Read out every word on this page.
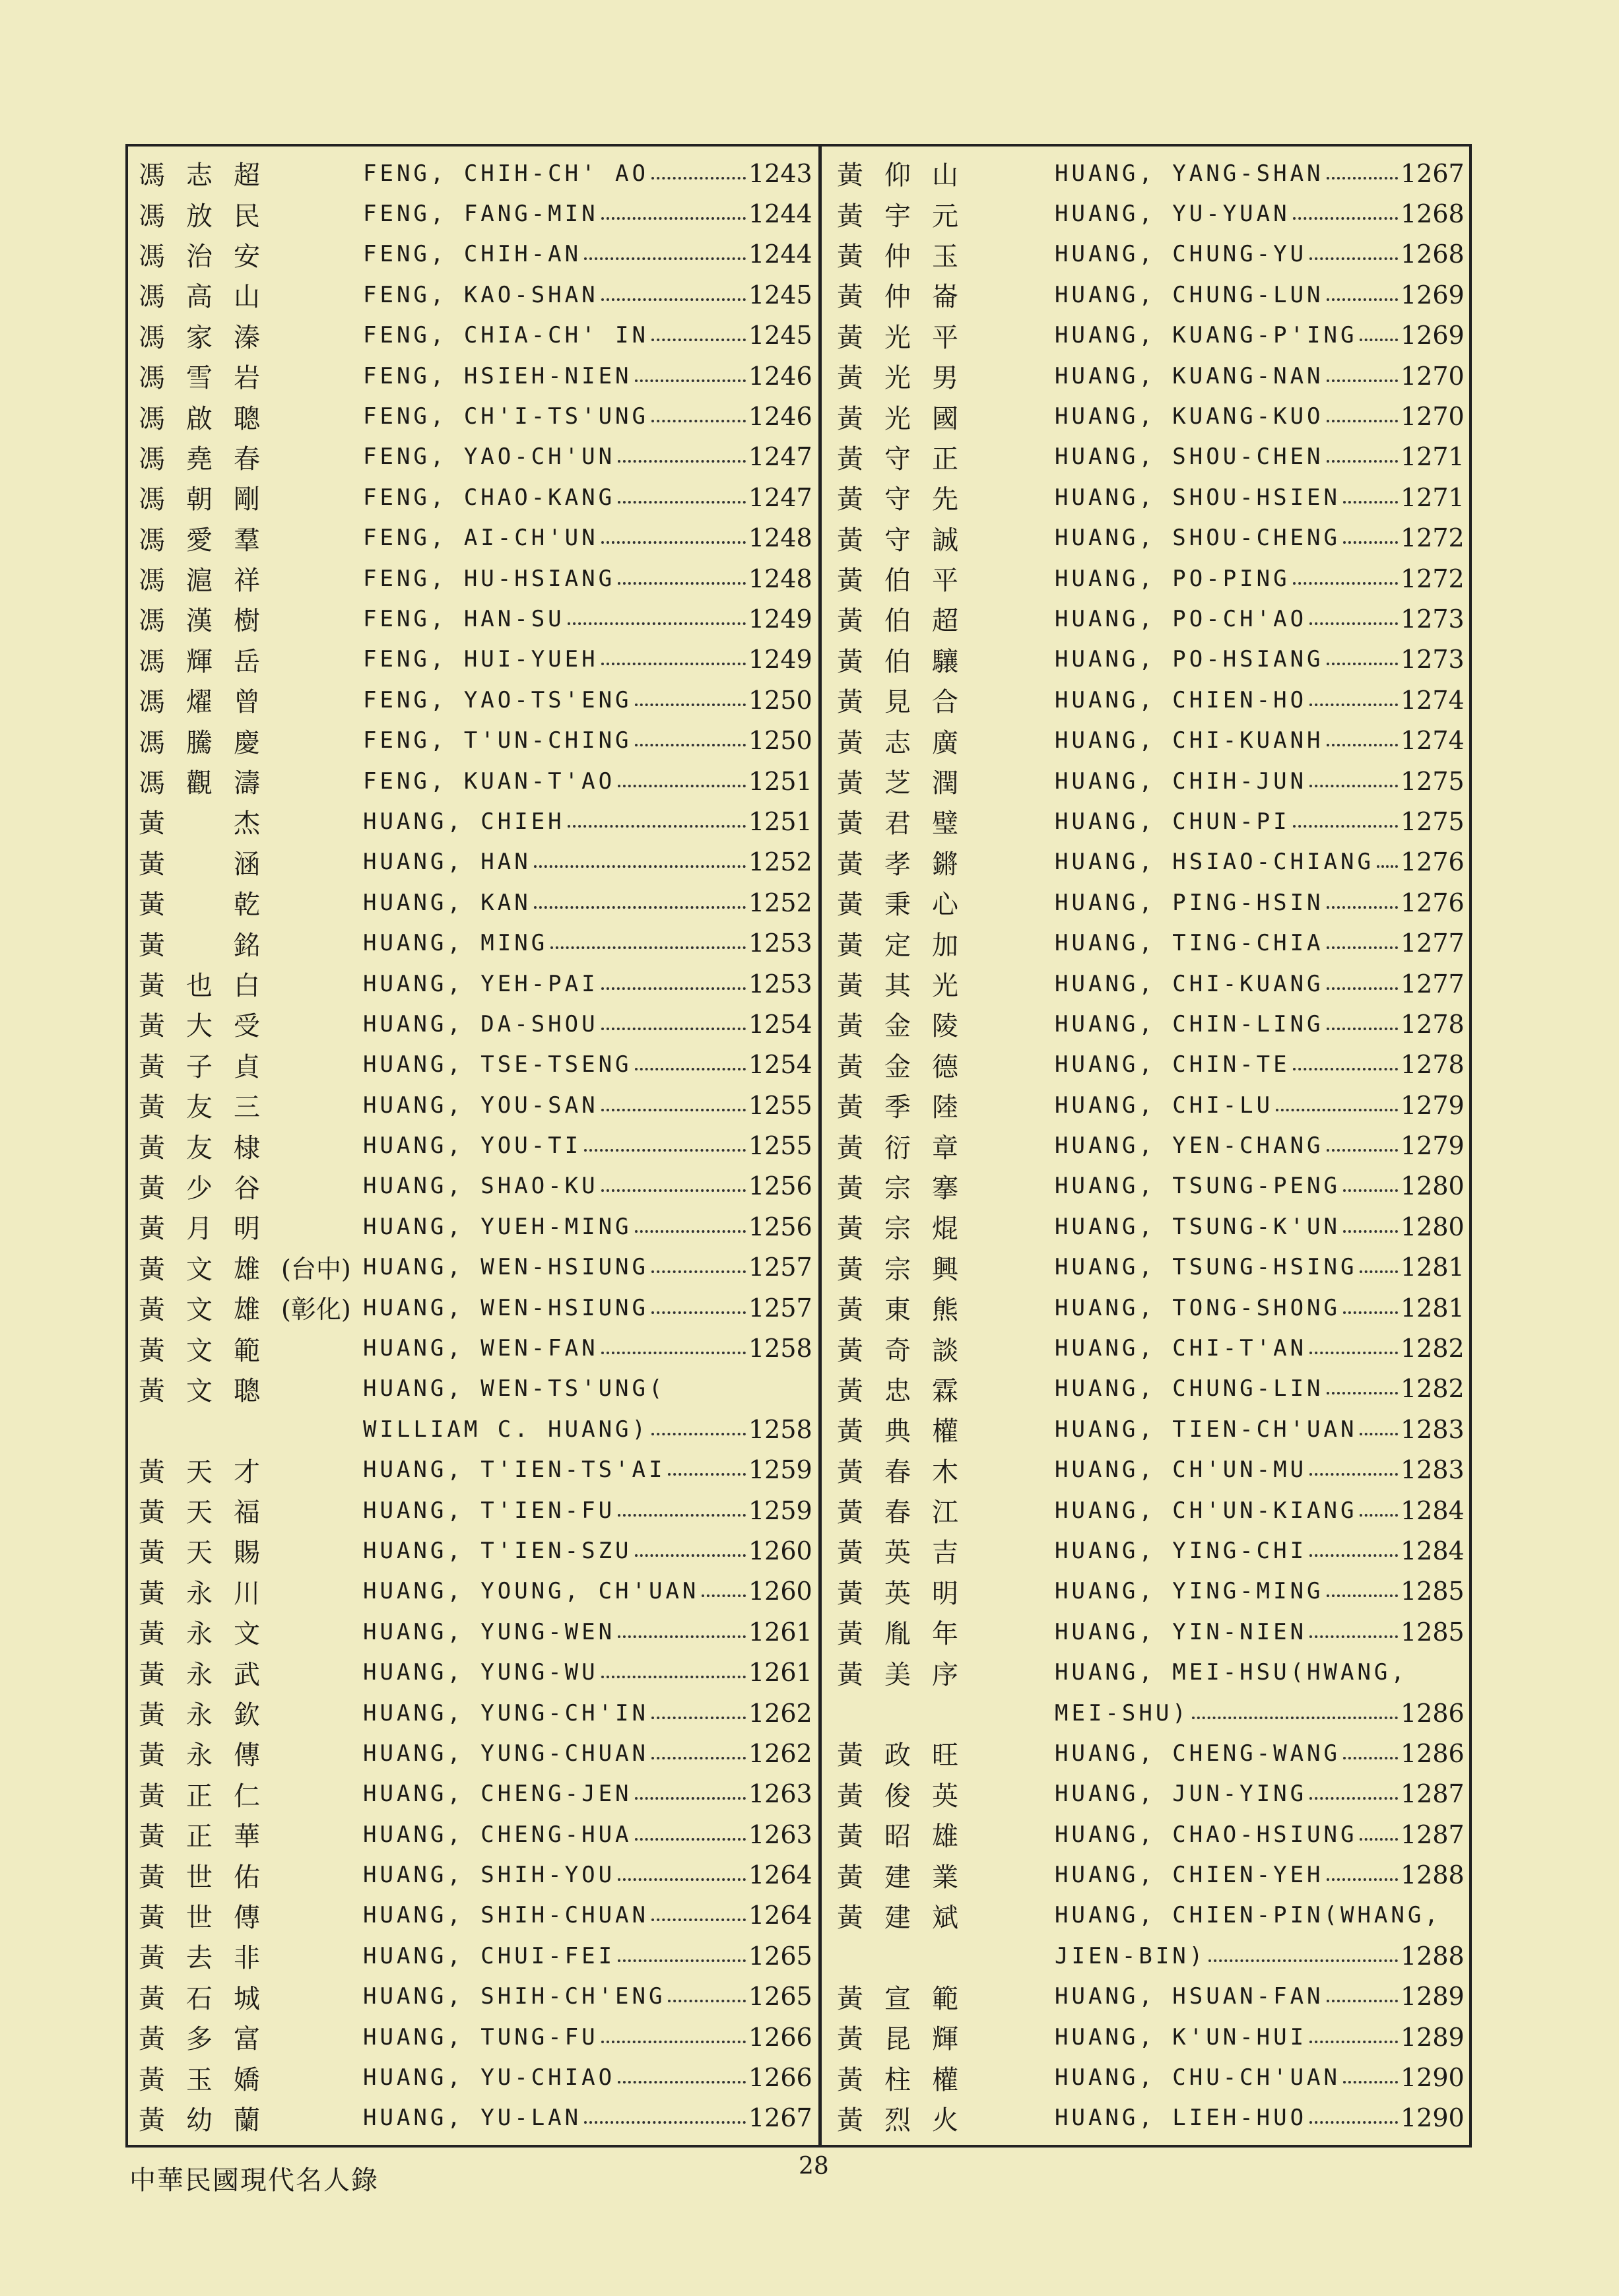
馮 志 超	FENG, CHIH-CH' AO	1243
馮 放 民	FENG, FANG-MIN	1244
馮 治 安	FENG, CHIH-AN	1244
馮 高 山	FENG, KAO-SHAN	1245
馮 家 溱	FENG, CHIA-CH' IN	1245
馮 雪 岩	FENG, HSIEH-NIEN	1246
馮 啟 聰	FENG, CH'I-TS'UNG	1246
馮 堯 春	FENG, YAO-CH'UN	1247
馮 朝 剛	FENG, CHAO-KANG	1247
馮 愛 羣	FENG, AI-CH'UN	1248
馮 滬 祥	FENG, HU-HSIANG	1248
馮 漢 樹	FENG, HAN-SU	1249
馮 輝 岳	FENG, HUI-YUEH	1249
馮 燿 曾	FENG, YAO-TS'ENG	1250
馮 騰 慶	FENG, T'UN-CHING	1250
馮 觀 濤	FENG, KUAN-T'AO	1251
黃	杰	HUANG, CHIEH	1251
黃	涵	HUANG, HAN	1252
黃	乾	HUANG, KAN	1252
黃	銘	HUANG, MING	1253
黃 也 白	HUANG, YEH-PAI	1253
黃 大 受	HUANG, DA-SHOU	1254
黃 子 貞	HUANG, TSE-TSENG	1254
黃 友 三	HUANG, YOU-SAN	1255
黃 友 棣	HUANG, YOU-TI	1255
黃 少 谷	HUANG, SHAO-KU	1256
黃 月 明	HUANG, YUEH-MING	1256
黃 文 雄 (台中) HUANG, WEN-HSIUNG	1257
黃 文 雄 (彰化) HUANG, WEN-HSIUNG	1257
黃 文 範	HUANG, WEN-FAN	1258
黃 文 聰	HUANG, WEN-TS'UNG(
WILLIAM C. HUANG)	1258
黃 天 才	HUANG, T'IEN-TS'AI	1259
黃 天 福	HUANG, T'IEN-FU	1259
黃 天 賜	HUANG, T'IEN-SZU	1260
黃 永 川	HUANG, YOUNG, CH'UAN 1260
黃 永 文	HUANG, YUNG-WEN	1261
黃 永 武	HUANG, YUNG-WU	1261
黃 永 欽	HUANG, YUNG-CH'IN	1262
黃 永 傳	HUANG, YUNG-CHUAN	1262
黃 正 仁	HUANG, CHENG-JEN	1263
黃 正 華	HUANG, CHENG-HUA	1263
黃 世 佑	HUANG, SHIH-YOU	1264
黃 世 傳	HUANG, SHIH-CHUAN	1264
黃 去 非	HUANG, CHUI-FEI	1265
黃 石 城	HUANG, SHIH-CH'ENG	1265
黃 多 富	HUANG, TUNG-FU	1266
黃 玉 嬌	HUANG, YU-CHIAO	1266
黃 幼 蘭	HUANG, YU-LAN	1267
黃 仰 山	HUANG, YANG-SHAN	1267
黃 宇 元	HUANG, YU-YUAN	1268
黃 仲 玉	HUANG, CHUNG-YU	1268
黃 仲 崙	HUANG, CHUNG-LUN	1269
黃 光 平	HUANG, KUANG-P'ING 1269
黃 光 男	HUANG, KUANG-NAN	1270
黃 光 國	HUANG, KUANG-KUO	1270
黃 守 正	HUANG, SHOU-CHEN	1271
黃 守 先	HUANG, SHOU-HSIEN 1271
黃 守 誠	HUANG, SHOU-CHENG 1272
黃 伯 平	HUANG, PO-PING	1272
黃 伯 超	HUANG, PO-CH'AO	1273
黃 伯 驤	HUANG, PO-HSIANG	1273
黃 見 合	HUANG, CHIEN-HO	1274
黃 志 廣	HUANG, CHI-KUANH	1274
黃 芝 潤	HUANG, CHIH-JUN	1275
黃 君 璧	HUANG, CHUN-PI	1275
黃 孝 鏘	HUANG, HSIAO-CHIANG 1276
黃 秉 心	HUANG, PING-HSIN	1276
黃 定 加	HUANG, TING-CHIA	1277
黃 其 光	HUANG, CHI-KUANG	1277
黃 金 陵	HUANG, CHIN-LING	1278
黃 金 德	HUANG, CHIN-TE	1278
黃 季 陸	HUANG, CHI-LU	1279
黃 衍 章	HUANG, YEN-CHANG	1279
黃 宗 搴	HUANG, TSUNG-PENG 1280
黃 宗 焜	HUANG, TSUNG-K'UN 1280
黃 宗 興	HUANG, TSUNG-HSING 1281
黃 東 熊	HUANG, TONG-SHONG 1281
黃 奇 談	HUANG, CHI-T'AN	1282
黃 忠 霖	HUANG, CHUNG-LIN	1282
黃 典 權	HUANG, TIEN-CH'UAN 1283
黃 春 木	HUANG, CH'UN-MU	1283
黃 春 江	HUANG, CH'UN-KIANG 1284
黃 英 吉	HUANG, YING-CHI	1284
黃 英 明	HUANG, YING-MING	1285
黃 胤 年	HUANG, YIN-NIEN	1285
黃 美 序	HUANG, MEI-HSU(HWANG,
MEI-SHU)	1286
黃 政 旺	HUANG, CHENG-WANG 1286
黃 俊 英	HUANG, JUN-YING	1287
黃 昭 雄	HUANG, CHAO-HSIUNG 1287
黃 建 業	HUANG, CHIEN-YEH	1288
黃 建 斌	HUANG, CHIEN-PIN(WHANG,
JIEN-BIN)	1288
黃 宣 範	HUANG, HSUAN-FAN	1289
黃 昆 輝	HUANG, K'UN-HUI	1289
黃 柱 權	HUANG, CHU-CH'UAN 1290
黃 烈 火	HUANG, LIEH-HUO	1290
中華民國現代名人錄	28
